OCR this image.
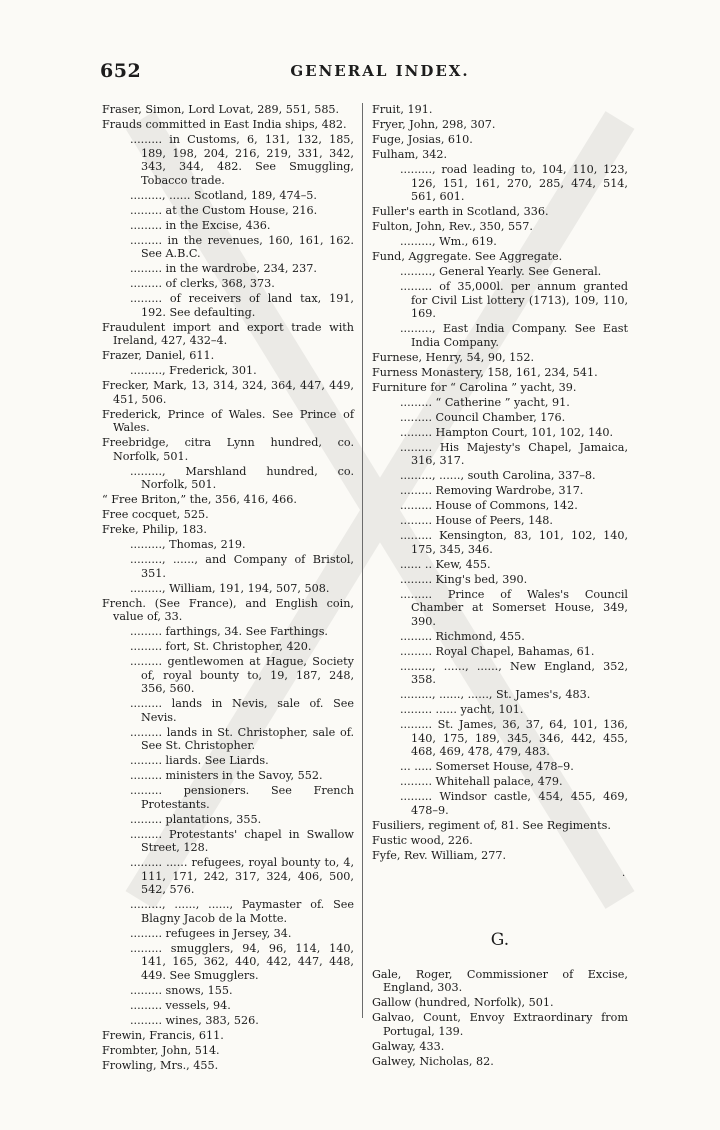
652	GENERAL INDEX.

Fraser, Simon, Lord Lovat, 289, 551, 585.

Frauds committed in East India ships, 482.

......... in Customs, 6, 131, 132, 185, 189, 198, 204, 216, 219, 331, 342, 343, 344, 482. See Smuggling, Tobacco trade.

........., ...... Scotland, 189, 474–5.

......... at the Custom House, 216.

......... in the Excise, 436.

......... in the revenues, 160, 161, 162. See A.B.C.

......... in the wardrobe, 234, 237.

......... of clerks, 368, 373.

......... of receivers of land tax, 191, 192. See defaulting.

Fraudulent import and export trade with Ireland, 427, 432–4.

Frazer, Daniel, 611.

........., Frederick, 301.

Frecker, Mark, 13, 314, 324, 364, 447, 449, 451, 506.

Frederick, Prince of Wales. See Prince of Wales.

Freebridge, citra Lynn hundred, co. Norfolk, 501.

........., Marshland hundred, co. Norfolk, 501.

“ Free Briton,” the, 356, 416, 466.

Free cocquet, 525.

Freke, Philip, 183.

........., Thomas, 219.

........., ......, and Company of Bristol, 351.

........., William, 191, 194, 507, 508.

French. (See France), and English coin, value of, 33.

......... farthings, 34. See Farthings.

......... fort, St. Christopher, 420.

......... gentlewomen at Hague, Society of, royal bounty to, 19, 187, 248, 356, 560.

......... lands in Nevis, sale of. See Nevis.

......... lands in St. Christopher, sale of. See St. Christopher.

......... liards. See Liards.

......... ministers in the Savoy, 552.

......... pensioners. See French Protestants.

......... plantations, 355.

......... Protestants' chapel in Swallow Street, 128.

......... ...... refugees, royal bounty to, 4, 111, 171, 242, 317, 324, 406, 500, 542, 576.

........., ......, ......, Paymaster of. See Blagny Jacob de la Motte.

......... refugees in Jersey, 34.

......... smugglers, 94, 96, 114, 140, 141, 165, 362, 440, 442, 447, 448, 449. See Smugglers.

......... snows, 155.

......... vessels, 94.

......... wines, 383, 526.

Frewin, Francis, 611.

Frombter, John, 514.

Frowling, Mrs., 455.

Fruit, 191.

Fryer, John, 298, 307.

Fuge, Josias, 610.

Fulham, 342.

........., road leading to, 104, 110, 123, 126, 151, 161, 270, 285, 474, 514, 561, 601.

Fuller's earth in Scotland, 336.

Fulton, John, Rev., 350, 557.

........., Wm., 619.

Fund, Aggregate. See Aggregate.

........., General Yearly. See General.

......... of 35,000l. per annum granted for Civil List lottery (1713), 109, 110, 169.

........., East India Company. See East India Company.

Furnese, Henry, 54, 90, 152.

Furness Monastery, 158, 161, 234, 541.

Furniture for “ Carolina ” yacht, 39.

......... “ Catherine ” yacht, 91.

......... Council Chamber, 176.

......... Hampton Court, 101, 102, 140.

......... His Majesty's Chapel, Jamaica, 316, 317.

........., ......, south Carolina, 337–8.

......... Removing Wardrobe, 317.

......... House of Commons, 142.

......... House of Peers, 148.

......... Kensington, 83, 101, 102, 140, 175, 345, 346.

...... .. Kew, 455.

......... King's bed, 390.

......... Prince of Wales's Council Chamber at Somerset House, 349, 390.

......... Richmond, 455.

......... Royal Chapel, Bahamas, 61.

........., ......, ......, New England, 352, 358.

........., ......, ......, St. James's, 483.

......... ...... yacht, 101.

......... St. James, 36, 37, 64, 101, 136, 140, 175, 189, 345, 346, 442, 455, 468, 469, 478, 479, 483.

... ..... Somerset House, 478–9.

......... Whitehall palace, 479.

......... Windsor castle, 454, 455, 469, 478–9.

Fusiliers, regiment of, 81. See Regiments.

Fustic wood, 226.

Fyfe, Rev. William, 277.

G.

Gale, Roger, Commissioner of Excise, England, 303.

Gallow (hundred, Norfolk), 501.

Galvao, Count, Envoy Extraordinary from Portugal, 139.

Galway, 433.

Galwey, Nicholas, 82.

.
